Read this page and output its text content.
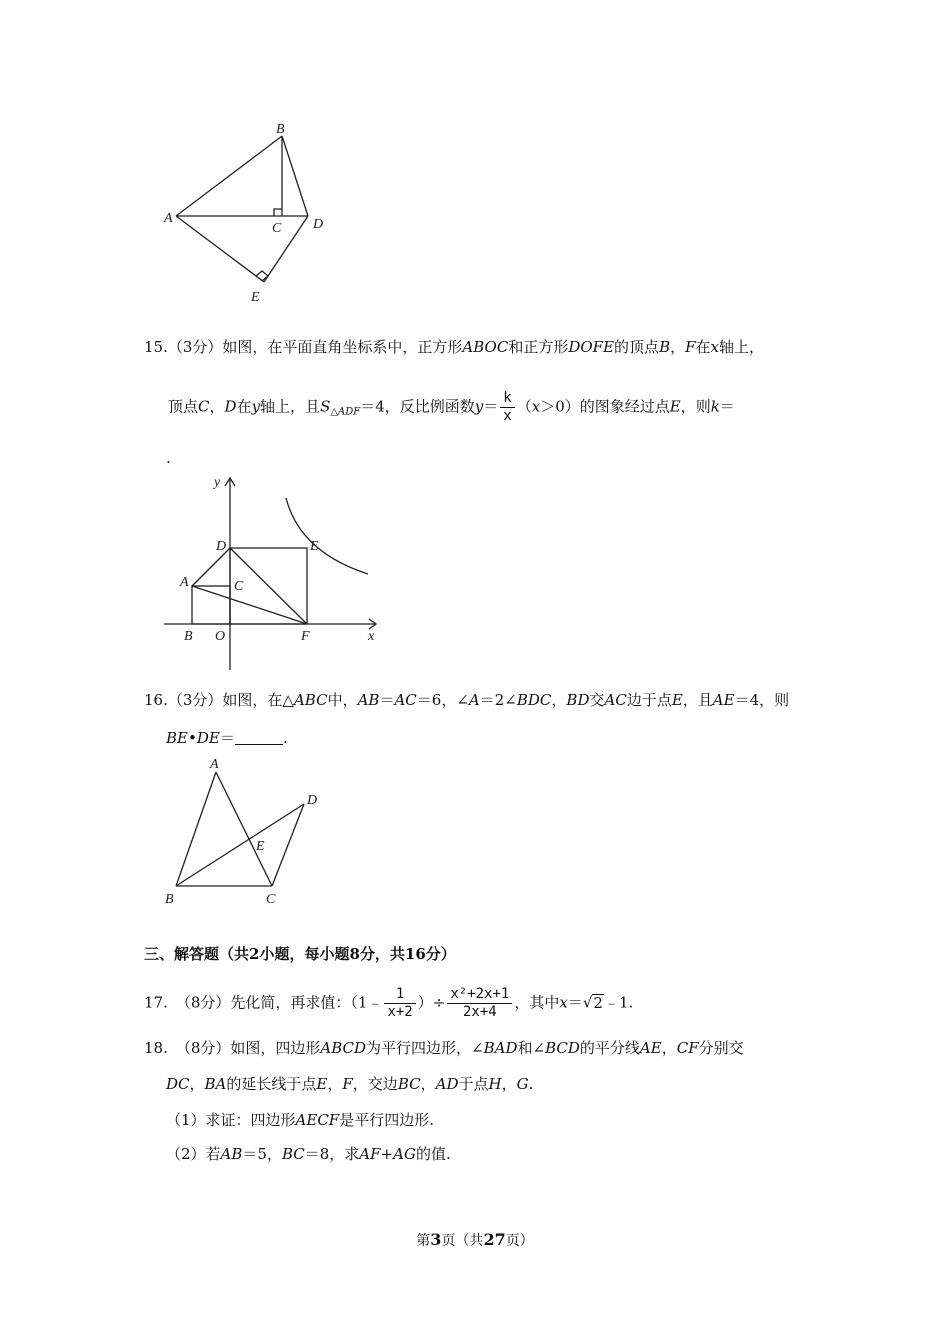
B
A
C D
E
15.（3分）如图，在平面直角坐标系中，正方形ABOC和正方形DOFE的顶点B，F在x轴上，
顶点C，D在y轴上，且$S_{\triangle ADF}=4$，反比例函数$y= \frac{k}{x} (x>0)$的图象经过点E，则k＝
.
y
D	E
A	C
B O	F	x
16.（3分）如图，在△ABC中，AB＝AC＝6，∠A＝2∠BDC，BD交AC边于点E，且AE＝4，则
BE•DE＝	.
A
D
E
B	C
三、解答题（共2小题，每小题8分，共16分）
17. （8分）先化简，再求值：（1﹣ $\frac{1}{x+2}$ ）÷ $\frac{\text{x²+2x+1}}{2x+4}$ ，其中x＝√2﹣1.
18. （8分）如图，四边形ABCD为平行四边形，∠BAD和∠BCD的平分线AE，CF分别交
DC，BA的延长线于点E，F，交边BC，AD于点H，G.
（1）求证：四边形AECF是平行四边形.
（2）若AB＝5，BC＝8，求AF+AG的值.
第3页（共27页）
